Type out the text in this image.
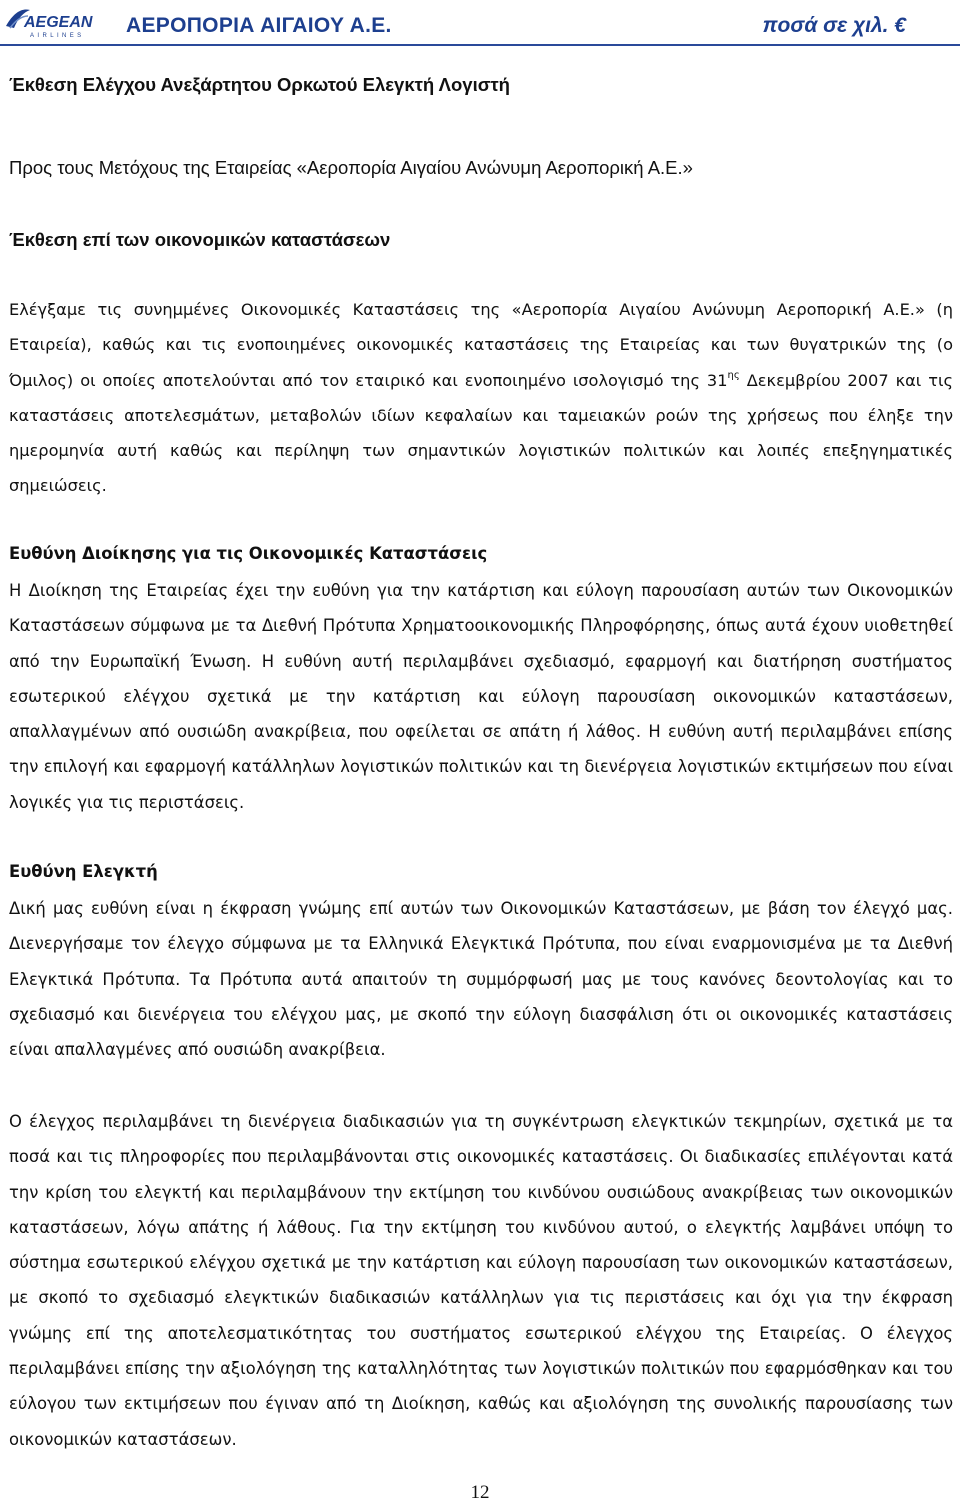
AEGEAN
AIRLINES ΑΕΡΟΠΟΡΙΑ ΑΙΓΑΙΟΥ Α.Ε.	ποσά σε χιλ. €
Έκθεση Ελέγχου Ανεξάρτητου Ορκωτού Ελεγκτή Λογιστή
Προς τους Μετόχους της Εταιρείας «Αεροπορία Αιγαίου Ανώνυμη Αεροπορική Α.Ε.»
Έκθεση επί των οικονομικών καταστάσεων

Ελέγξαμε τις συνημμένες Οικονομικές Καταστάσεις της «Αεροπορία Αιγαίου Ανώνυμη Αεροπορική Α.Ε.» (η Εταιρεία), καθώς και τις ενοποιημένες οικονομικές καταστάσεις της Εταιρείας και των θυγατρικών της (ο Όμιλος) οι οποίες αποτελούνται από τον εταιρικό και ενοποιημένο ισολογισμό της $31^{\eta\varsigma}$ Δεκεμβρίου 2007 και τις καταστάσεις αποτελεσμάτων, μεταβολών ιδίων κεφαλαίων και ταμειακών ροών της χρήσεως που έληξε την ημερομηνία αυτή καθώς και περίληψη των σημαντικών λογιστικών πολιτικών και λοιπές επεξηγηματικές σημειώσεις.

Ευθύνη Διοίκησης για τις Οικονομικές Καταστάσεις

Η Διοίκηση της Εταιρείας έχει την ευθύνη για την κατάρτιση και εύλογη παρουσίαση αυτών των Οικονομικών Καταστάσεων σύμφωνα με τα Διεθνή Πρότυπα Χρηματοοικονομικής Πληροφόρησης, όπως αυτά έχουν υιοθετηθεί από την Ευρωπαϊκή Ένωση. Η ευθύνη αυτή περιλαμβάνει σχεδιασμό, εφαρμογή και διατήρηση συστήματος εσωτερικού ελέγχου σχετικά με την κατάρτιση και εύλογη παρουσίαση οικονομικών καταστάσεων, απαλλαγμένων από ουσιώδη ανακρίβεια, που οφείλεται σε απάτη ή λάθος. Η ευθύνη αυτή περιλαμβάνει επίσης την επιλογή και εφαρμογή κατάλληλων λογιστικών πολιτικών και τη διενέργεια λογιστικών εκτιμήσεων που είναι λογικές για τις περιστάσεις.

Ευθύνη Ελεγκτή

Δική μας ευθύνη είναι η έκφραση γνώμης επί αυτών των Οικονομικών Καταστάσεων, με βάση τον έλεγχό μας. Διενεργήσαμε τον έλεγχο σύμφωνα με τα Ελληνικά Ελεγκτικά Πρότυπα, που είναι εναρμονισμένα με τα Διεθνή Ελεγκτικά Πρότυπα. Τα Πρότυπα αυτά απαιτούν τη συμμόρφωσή μας με τους κανόνες δεοντολογίας και το σχεδιασμό και διενέργεια του ελέγχου μας, με σκοπό την εύλογη διασφάλιση ότι οι οικονομικές καταστάσεις είναι απαλλαγμένες από ουσιώδη ανακρίβεια.

Ο έλεγχος περιλαμβάνει τη διενέργεια διαδικασιών για τη συγκέντρωση ελεγκτικών τεκμηρίων, σχετικά με τα ποσά και τις πληροφορίες που περιλαμβάνονται στις οικονομικές καταστάσεις. Οι διαδικασίες επιλέγονται κατά την κρίση του ελεγκτή και περιλαμβάνουν την εκτίμηση του κινδύνου ουσιώδους ανακρίβειας των οικονομικών καταστάσεων, λόγω απάτης ή λάθους. Για την εκτίμηση του κινδύνου αυτού, ο ελεγκτής λαμβάνει υπόψη το σύστημα εσωτερικού ελέγχου σχετικά με την κατάρτιση και εύλογη παρουσίαση των οικονομικών καταστάσεων, με σκοπό το σχεδιασμό ελεγκτικών διαδικασιών κατάλληλων για τις περιστάσεις και όχι για την έκφραση γνώμης επί της αποτελεσματικότητας του συστήματος εσωτερικού ελέγχου της Εταιρείας. Ο έλεγχος περιλαμβάνει επίσης την αξιολόγηση της καταλληλότητας των λογιστικών πολιτικών που εφαρμόσθηκαν και του εύλογου των εκτιμήσεων που έγιναν από τη Διοίκηση, καθώς και αξιολόγηση της συνολικής παρουσίασης των οικονομικών καταστάσεων.

12
